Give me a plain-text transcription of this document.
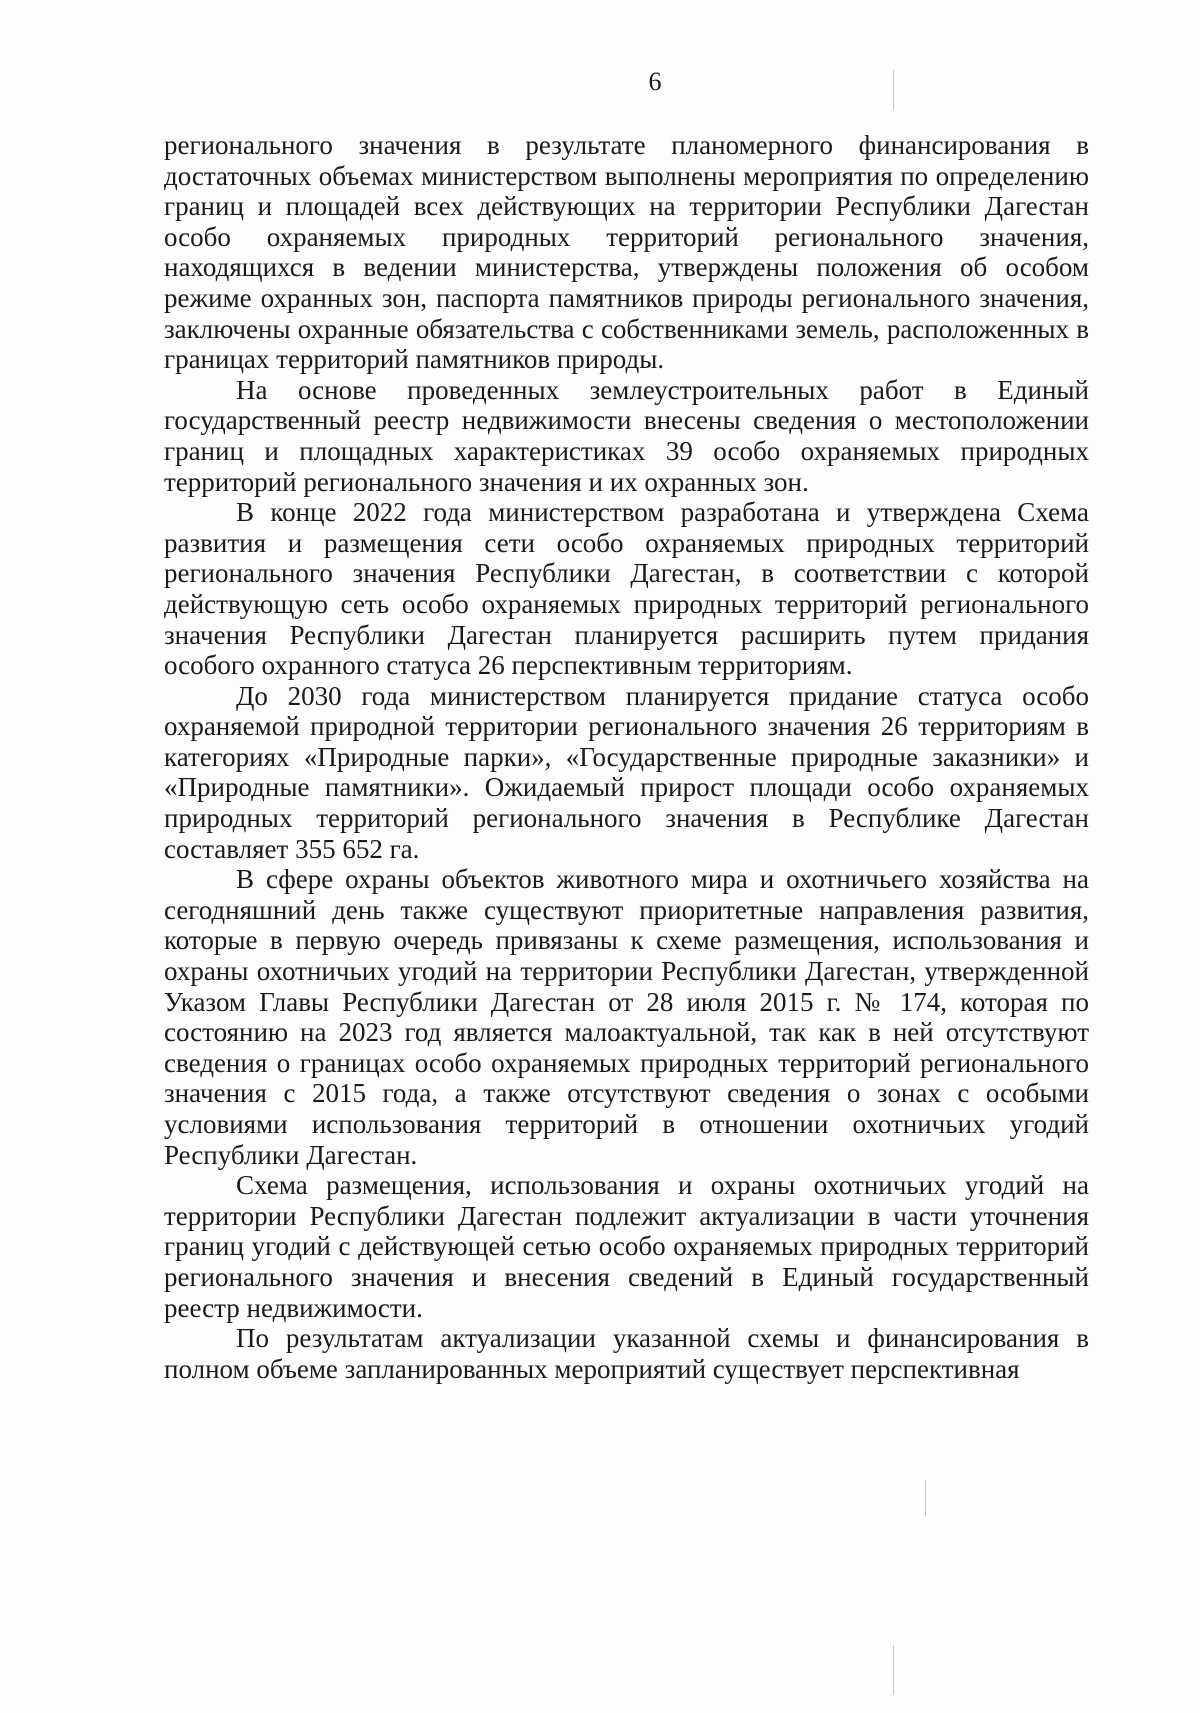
6

регионального значения в результате планомерного финансирования в достаточных объемах министерством выполнены мероприятия по определению границ и площадей всех действующих на территории Республики Дагестан особо охраняемых природных территорий регионального значения, находящихся в ведении министерства, утверждены положения об особом режиме охранных зон, паспорта памятников природы регионального значения, заключены охранные обязательства с собственниками земель, расположенных в границах территорий памятников природы.

На основе проведенных землеустроительных работ в Единый государственный реестр недвижимости внесены сведения о местоположении границ и площадных характеристиках 39 особо охраняемых природных территорий регионального значения и их охранных зон.

В конце 2022 года министерством разработана и утверждена Схема развития и размещения сети особо охраняемых природных территорий регионального значения Республики Дагестан, в соответствии с которой действующую сеть особо охраняемых природных территорий регионального значения Республики Дагестан планируется расширить путем придания особого охранного статуса 26 перспективным территориям.

До 2030 года министерством планируется придание статуса особо охраняемой природной территории регионального значения 26 территориям в категориях «Природные парки», «Государственные природные заказники» и «Природные памятники». Ожидаемый прирост площади особо охраняемых природных территорий регионального значения в Республике Дагестан составляет 355 652 га.

В сфере охраны объектов животного мира и охотничьего хозяйства на сегодняшний день также существуют приоритетные направления развития, которые в первую очередь привязаны к схеме размещения, использования и охраны охотничьих угодий на территории Республики Дагестан, утвержденной Указом Главы Республики Дагестан от 28 июля 2015 г. № 174, которая по состоянию на 2023 год является малоактуальной, так как в ней отсутствуют сведения о границах особо охраняемых природных территорий регионального значения с 2015 года, а также отсутствуют сведения о зонах с особыми условиями использования территорий в отношении охотничьих угодий Республики Дагестан.

Схема размещения, использования и охраны охотничьих угодий на территории Республики Дагестан подлежит актуализации в части уточнения границ угодий с действующей сетью особо охраняемых природных территорий регионального значения и внесения сведений в Единый государственный реестр недвижимости.

По результатам актуализации указанной схемы и финансирования в полном объеме запланированных мероприятий существует перспективная
